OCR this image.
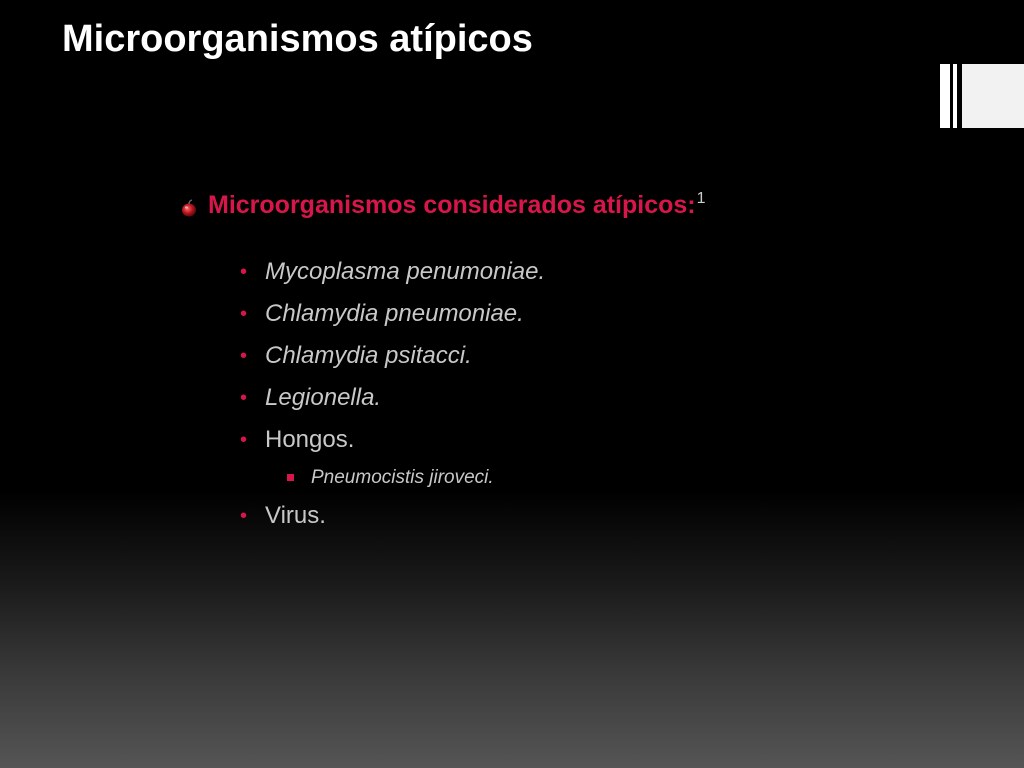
Microorganismos atípicos
Microorganismos considerados atípicos:$^1$
• Mycoplasma penumoniae.
• Chlamydia pneumoniae.
• Chlamydia psitacci.
• Legionella.
• Hongos.
Pneumocistis jiroveci.
• Virus.
